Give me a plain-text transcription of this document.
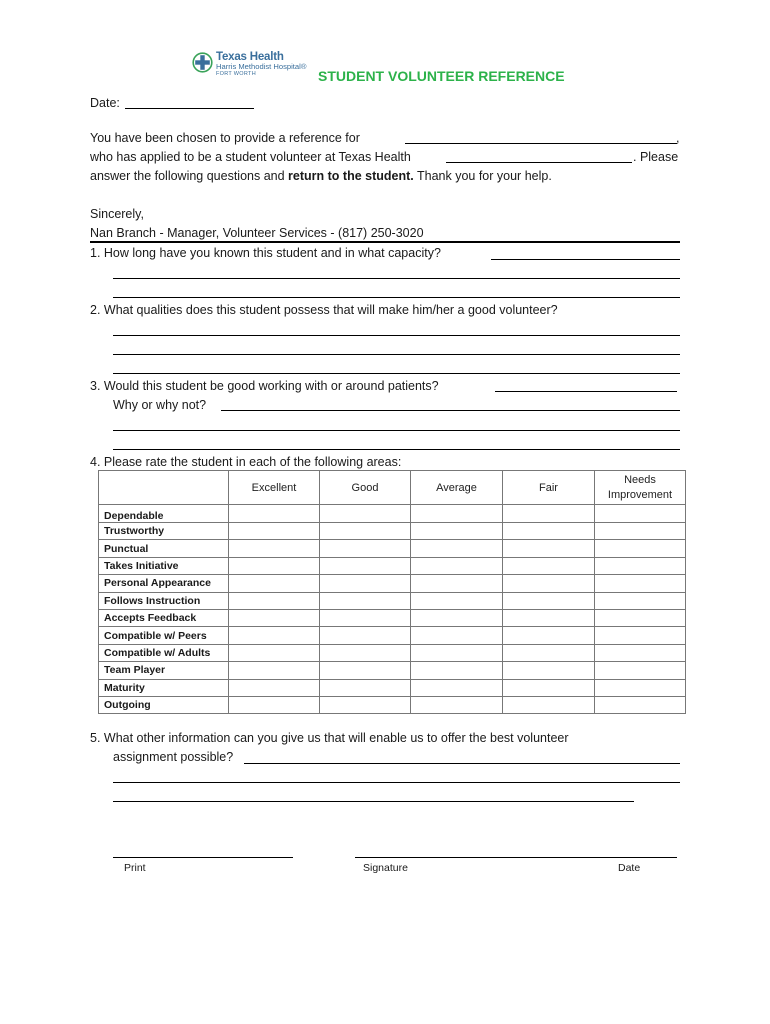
Texas Health
Harris Methodist Hospital®
FORT WORTH	STUDENT VOLUNTEER REFERENCE
Date:
You have been chosen to provide a reference for	,
who has applied to be a student volunteer at Texas Health	. Please
answer the following questions and return to the student. Thank you for your help.
Sincerely,
Nan Branch - Manager, Volunteer Services - (817) 250-3020
1. How long have you known this student and in what capacity?
2. What qualities does this student possess that will make him/her a good volunteer?
3. Would this student be good working with or around patients?
Why or why not?
4. Please rate the student in each of the following areas:
	Excellent	Good	Average	Fair	Needs Improvement
Dependable					
Trustworthy					
Punctual					
Takes Initiative					
Personal Appearance					
Follows Instruction					
Accepts Feedback					
Compatible w/ Peers					
Compatible w/ Adults					
Team Player					
Maturity					
Outgoing					
5. What other information can you give us that will enable us to offer the best volunteer
assignment possible?
Print	Signature	Date
